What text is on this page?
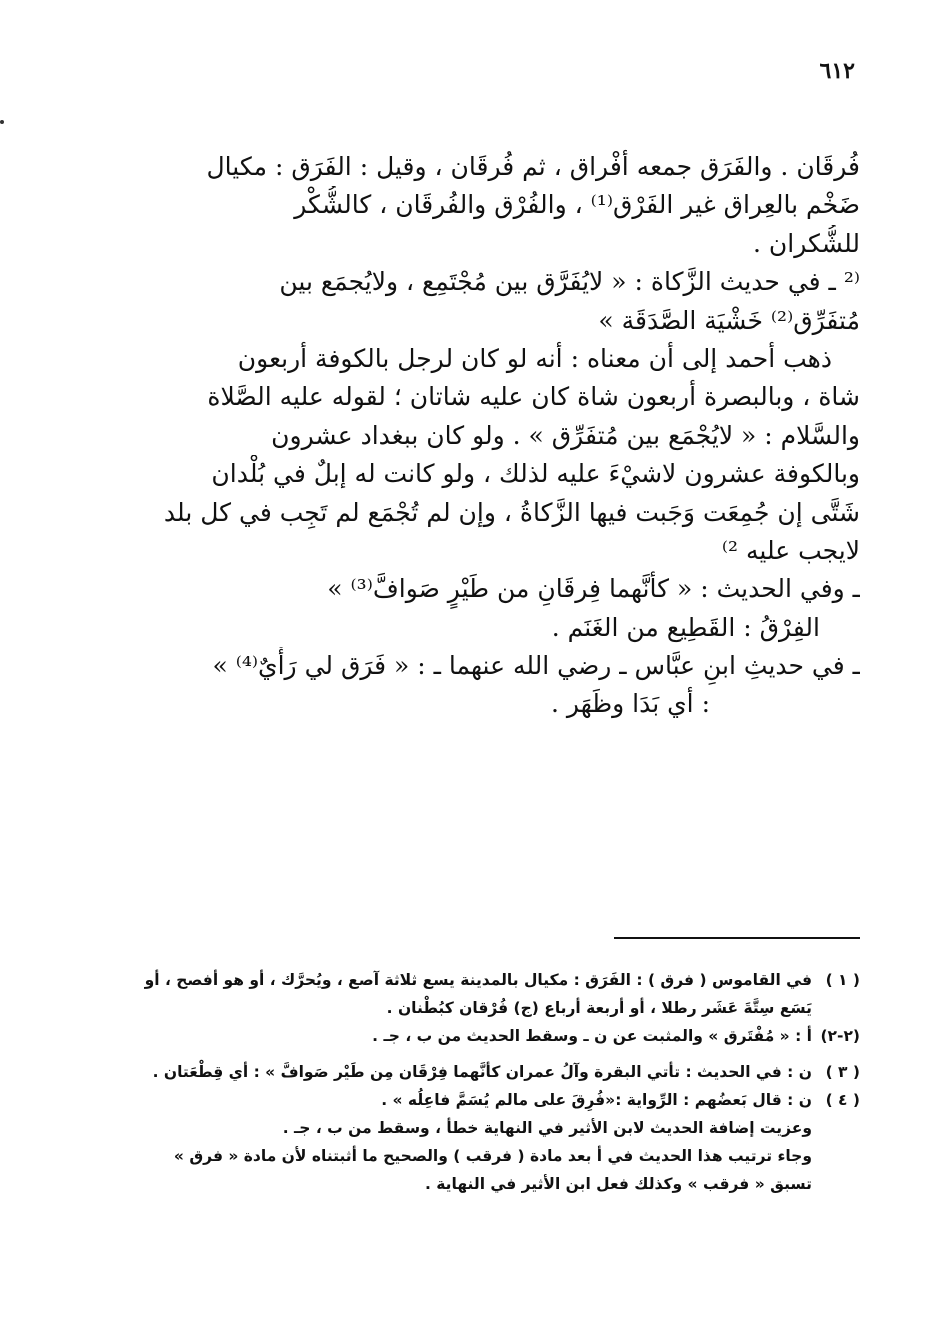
٦١٢
فُرقَان . والفَرَق جمعه أفْراق ، ثم فُرقَان ، وقيل : الفَرَق : مكيال
ضَخْم بالعِراق غير الفَرْق⁽¹⁾ ، والفُرْق والفُرقَان ، كالشُّكْر
للشُّكران .
⁽² ـ في حديث الزَّكاة : « لايُفَرَّق بين مُجْتَمِع ، ولايُجمَع بين
مُتفَرِّق⁽²⁾ خَشْيَة الصَّدَقَة »
ذهب أحمد إلى أن معناه : أنه لو كان لرجل بالكوفة أربعون
شاة ، وبالبصرة أربعون شاة كان عليه شاتان ؛ لقوله عليه الصَّلاة
والسَّلام : « لايُجْمَع بين مُتفَرِّق » . ولو كان ببغداد عشرون
وبالكوفة عشرون لاشيْءَ عليه لذلك ، ولو كانت له إبلٌ في بُلْدان
شَتَّى إن جُمِعَت وَجَبت فيها الزَّكاةُ ، وإن لم تُجْمَع لم تَجِب في كل بلد
لايجب عليه ²⁾
ـ وفي الحديث : « كأنَّهما فِرقَانِ من طَيْرٍ صَوافَّ⁽³⁾ »
الفِرْقُ : القَطِيع من الغَنَم .
ـ في حديثِ ابنِ عبَّاس ـ رضي الله عنهما ـ : « فَرَق لي رَأْيٌ⁽⁴⁾ »
: أي بَدَا وظَهَر .
( ١ )
في القاموس ( فرق ) : الفَرَق : مكيال بالمدينة يسع ثلاثة آصع ، ويُحرَّك ، أو هو أفصح ، أو
يَسَع سِتَّةَ عَشَر رطلا ، أو أربعة أرباع (ج) فُرْقان كبُطْنان .
(٢-٢)
أ : « مُفْتَرق » والمثبت عن ن ـ وسقط الحديث من ب ، جـ .
( ٣ )
ن : في الحديث : تأتي البقرة وآلُ عمران كأنَّهما فِرْقَان مِن طَيْر صَوافَّ » : أي قِطْعَتان .
( ٤ )
ن : قال بَعضُهم : الرِّواية :«فُرِقَ على مالم يُسَمَّ فاعِلُه » .
وعزيت إضافة الحديث لابن الأثير في النهاية خطأ ، وسقط من ب ، جـ .
وجاء ترتيب هذا الحديث في أ بعد مادة ( فرقب ) والصحيح ما أثبتناه لأن مادة « فرق »
تسبق « فرقب » وكذلك فعل ابن الأثير في النهاية .
